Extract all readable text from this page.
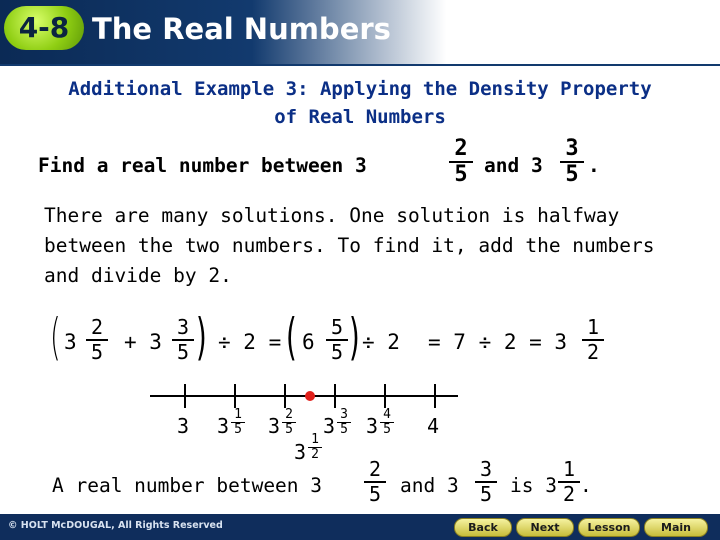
4-8 The Real Numbers
Additional Example 3: Applying the Density Property
of Real Numbers
Find a real number between 3
2
5 and 3
3
5 .
There are many solutions. One solution is halfway between the two numbers. To find it, add the numbers and divide by 2.
( 3
2
5 + 3
3
5 ) ÷ 2 = ( 6
5
5 ) ÷ 2 = 7 ÷ 2 = 3
1
2
3 3 1
5 3 2
5 3 3
5 3 4
5 4
3
1
2
A real number between 3
2
5 and 3
3
5 is 3
1
2 .
© HOLT McDOUGAL, All Rights Reserved	Back	Next	Lesson	Main
